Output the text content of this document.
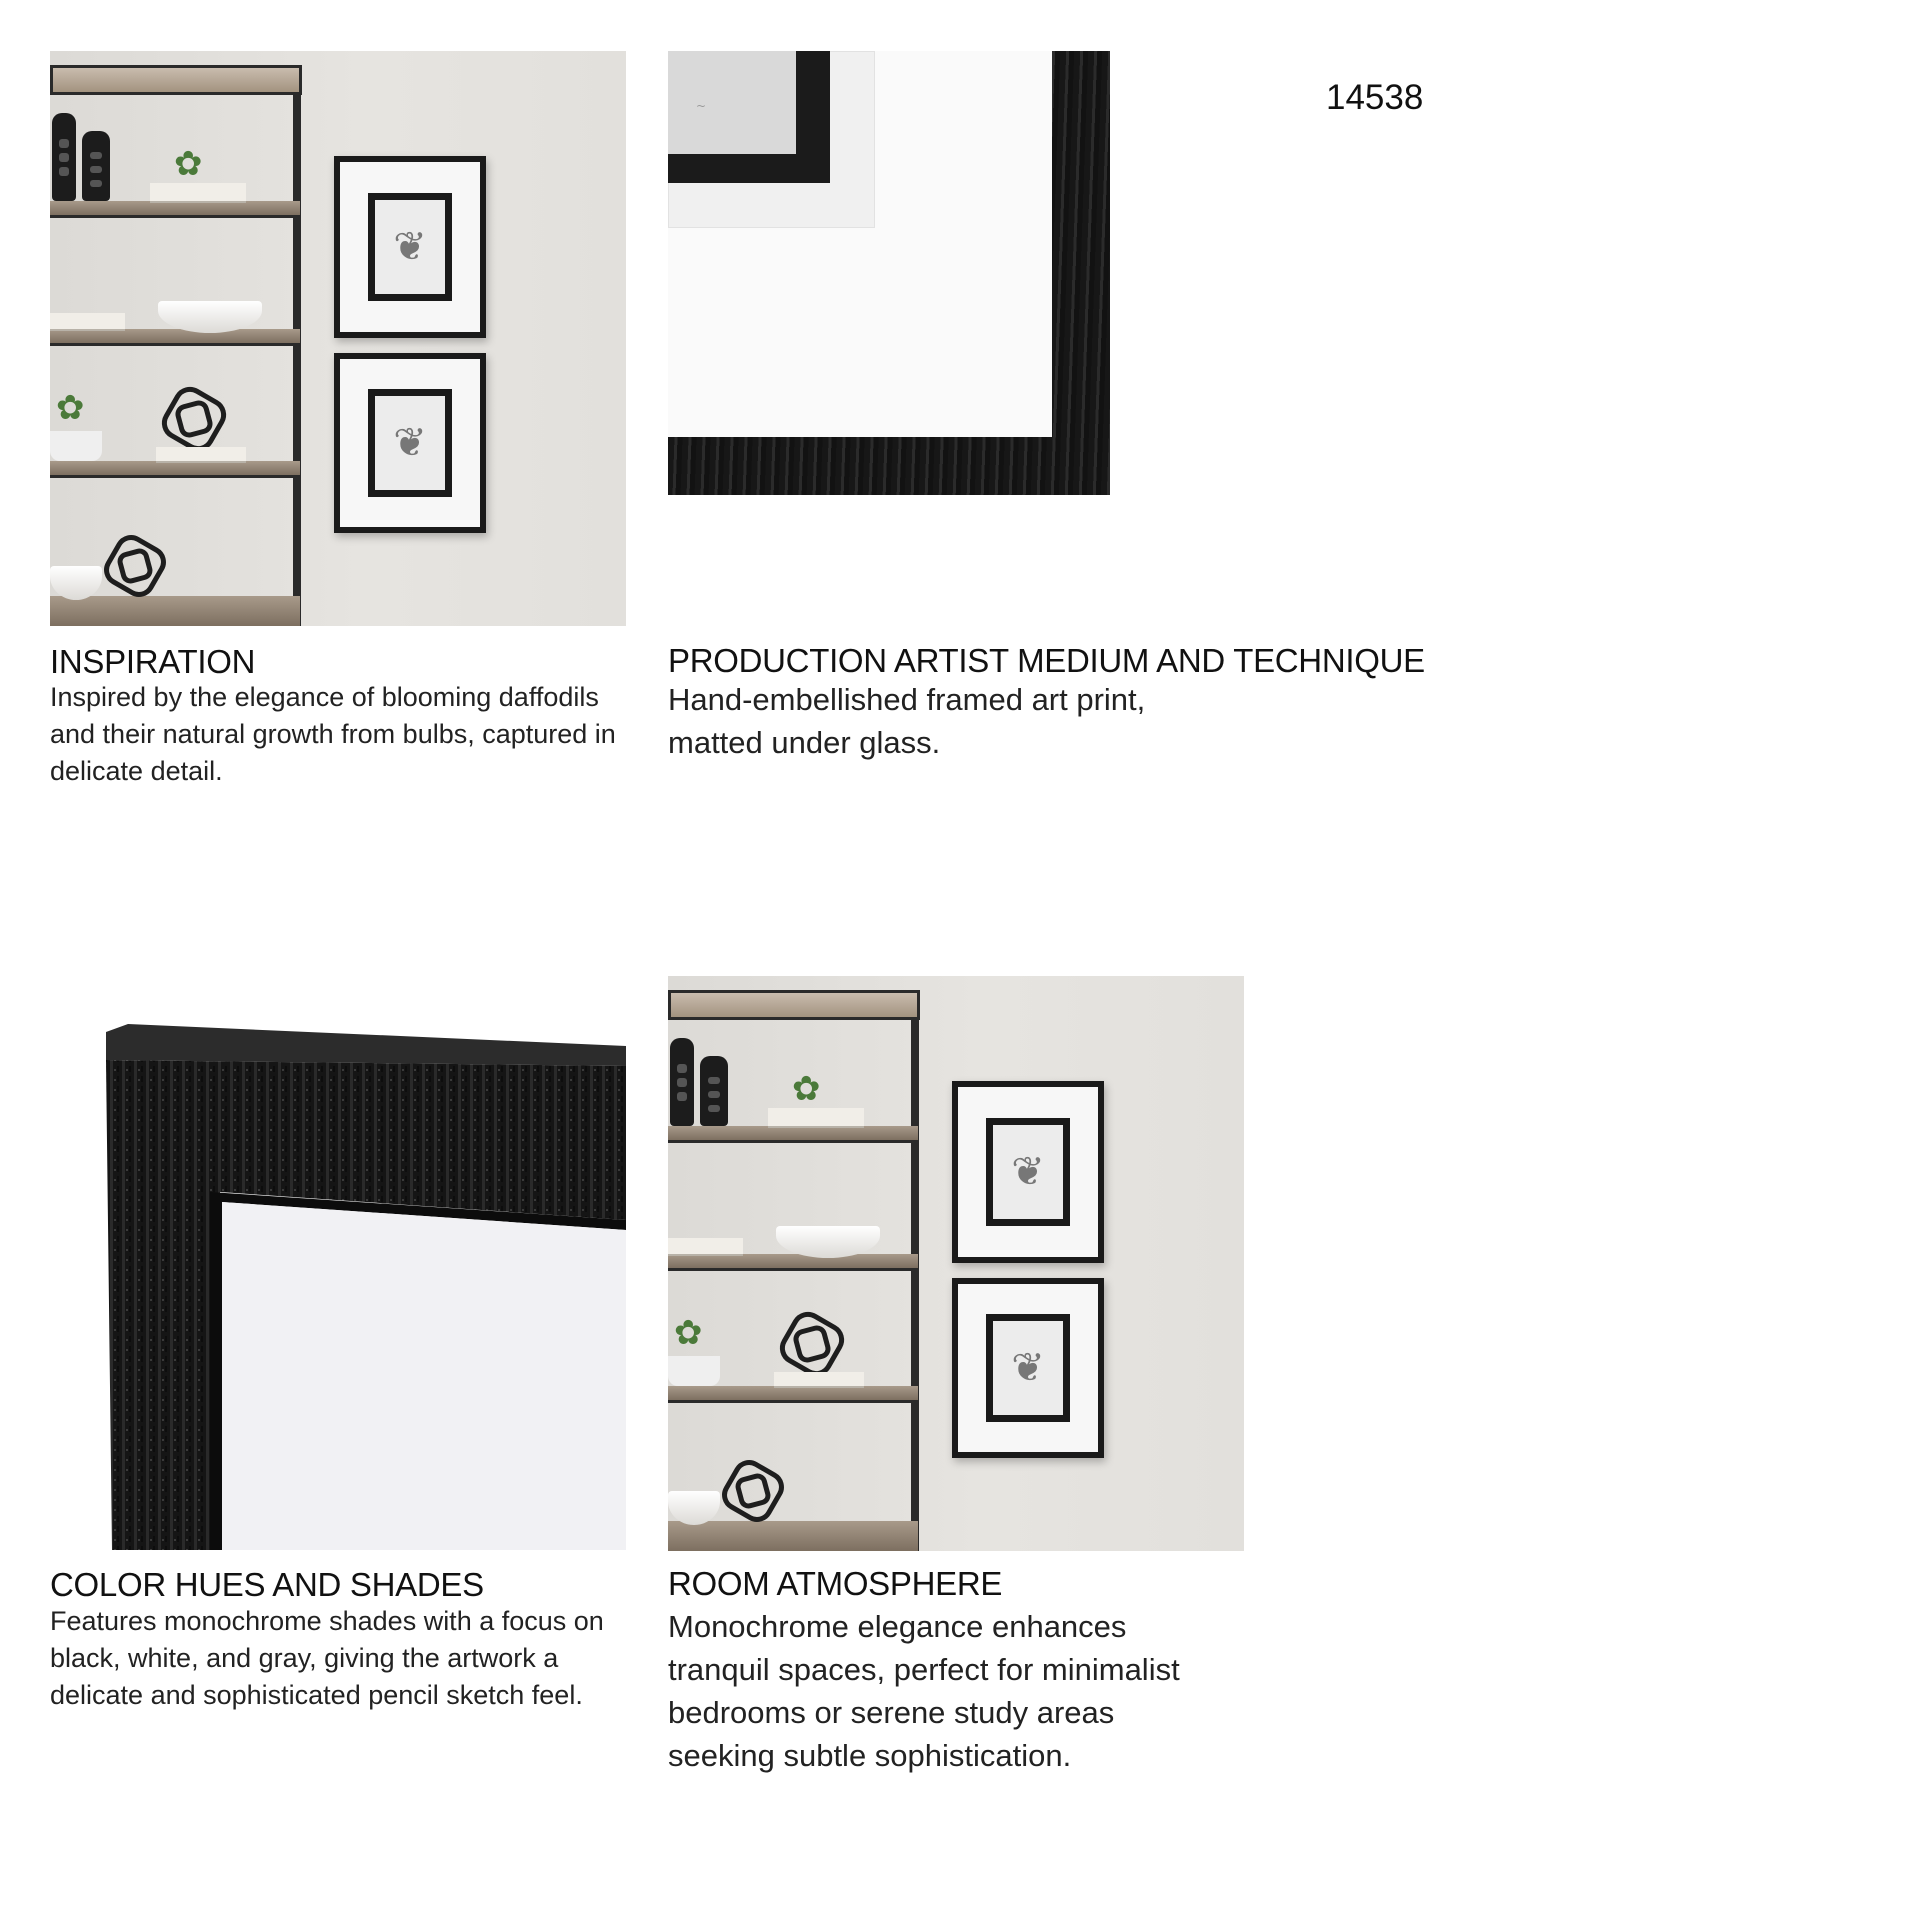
14538
✿
✿
❦
❦
INSPIRATION
Inspired by the elegance of blooming daffodils and their natural growth from bulbs, captured in delicate detail.
~
PRODUCTION ARTIST MEDIUM AND TECHNIQUE
Hand-embellished framed art print, matted under glass.
COLOR HUES AND SHADES
Features monochrome shades with a focus on black, white, and gray, giving the artwork a delicate and sophisticated pencil sketch feel.
✿
✿
❦
❦
ROOM ATMOSPHERE
Monochrome elegance enhances tranquil spaces, perfect for minimalist bedrooms or serene study areas seeking subtle sophistication.
